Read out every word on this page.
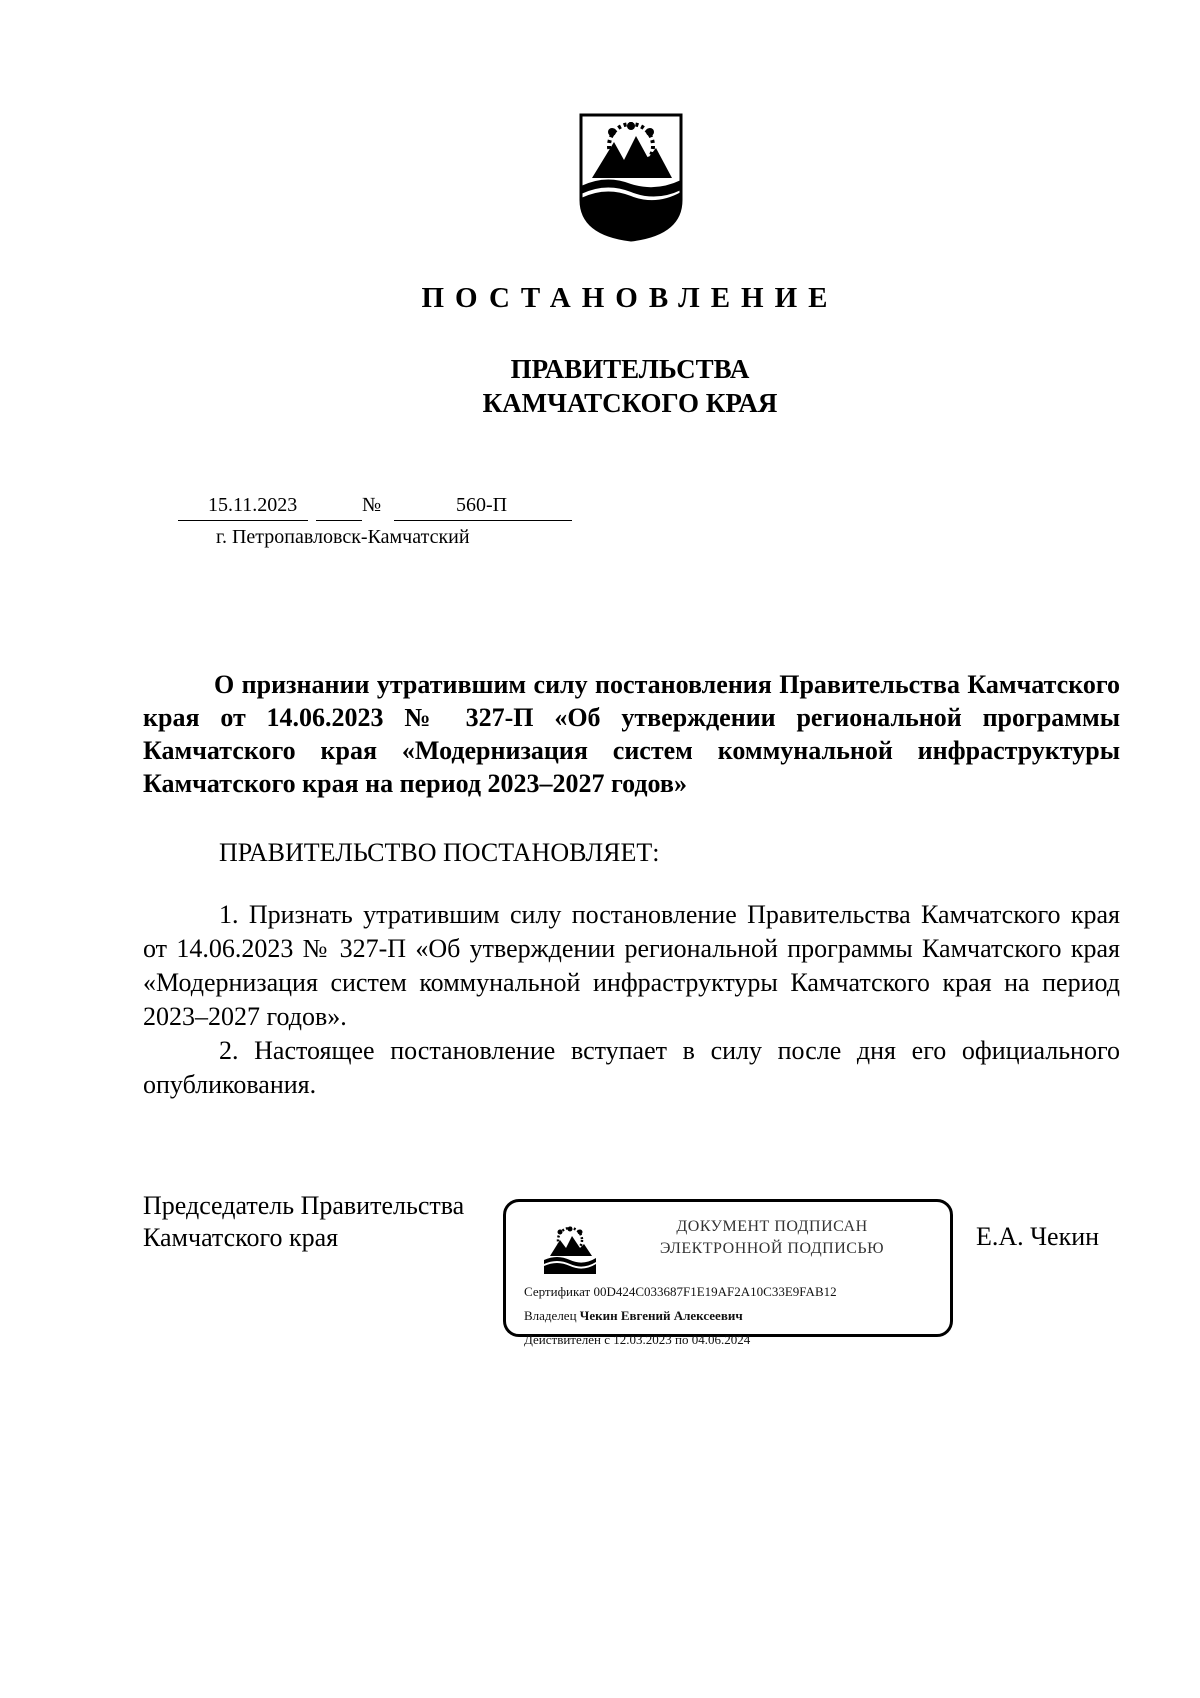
ПОСТАНОВЛЕНИЕ
ПРАВИТЕЛЬСТВА
КАМЧАТСКОГО КРАЯ
15.11.2023	№	560-П
г. Петропавловск-Камчатский
О признании утратившим силу постановления Правительства Камчатского края от 14.06.2023 № 327-П «Об утверждении региональной программы Камчатского края «Модернизация систем коммунальной инфраструктуры Камчатского края на период 2023–2027 годов»
ПРАВИТЕЛЬСТВО ПОСТАНОВЛЯЕТ:

1. Признать утратившим силу постановление Правительства Камчатского края от 14.06.2023 № 327-П «Об утверждении региональной программы Камчатского края «Модернизация систем коммунальной инфраструктуры Камчатского края на период 2023–2027 годов».

2. Настоящее постановление вступает в силу после дня его официального опубликования.

Председатель Правительства
Камчатского края	ДОКУМЕНТ ПОДПИСАН
ЭЛЕКТРОННОЙ ПОДПИСЬЮ
Сертификат 00D424C033687F1E19AF2A10C33E9FAB12
Владелец Чекин Евгений Алексеевич
Действителен с 12.03.2023 по 04.06.2024
Е.А. Чекин
